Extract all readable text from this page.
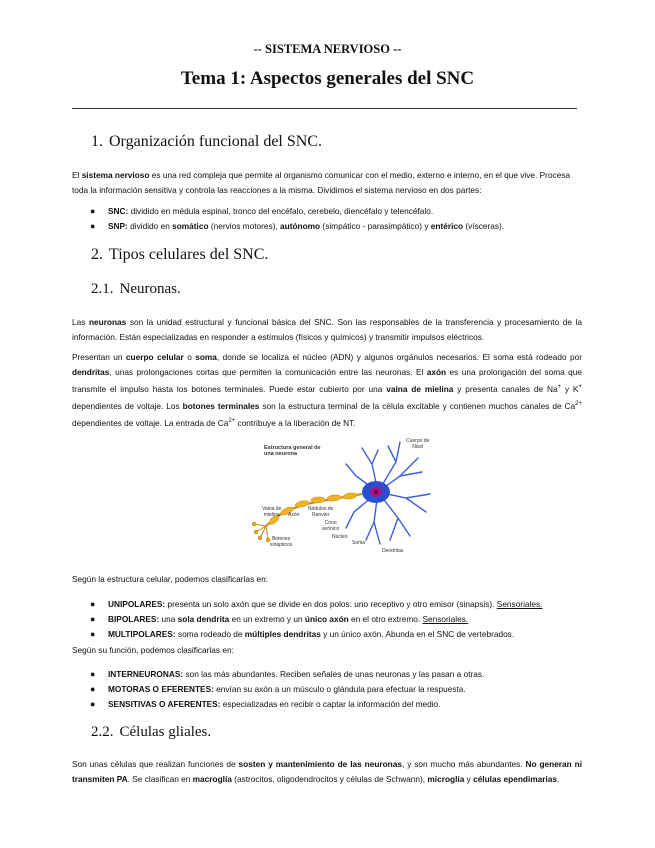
-- SISTEMA NERVIOSO --
Tema 1: Aspectos generales del SNC
1. Organización funcional del SNC.
El sistema nervioso es una red compleja que permite al organismo comunicar con el medio, externo e interno, en el que vive. Procesa toda la información sensitiva y controla las reacciones a la misma. Dividimos el sistema nervioso en dos partes:
● SNC: dividido en médula espinal, tronco del encéfalo, cerebelo, diencéfalo y telencéfalo.
● SNP: dividido en somático (nervios motores), autónomo (simpático - parasimpático) y entérico (vísceras).
2. Tipos celulares del SNC.
2.1. Neuronas.
Las neuronas son la unidad estructural y funcional básica del SNC. Son las responsables de la transferencia y procesamiento de la información. Están especializadas en responder a estímulos (físicos y químicos) y transmitir impulsos eléctricos.
Presentan un cuerpo celular o soma, donde se localiza el núcleo (ADN) y algunos orgánulos necesarios. El soma está rodeado por dendritas, unas prolongaciones cortas que permiten la comunicación entre las neuronas. El axón es una prolongación del soma que transmite el impulso hasta los botones terminales. Puede estar cubierto por una vaina de mielina y presenta canales de Na+ y K+ dependientes de voltaje. Los botones terminales son la estructura terminal de la célula excitable y contienen muchos canales de $Ca^{2+}$ dependientes de voltaje. La entrada de $Ca^{2+}$ contribuye a la liberación de NT.
Estructura general de
una neurona
Cuerpo de
Nissl
Vaina de
mielina	Axón
Nódulos de
Ranvier
Cono
axónico
Núcleo
Soma
Dendritas
Botones
sinápticos
Según la estructura celular, podemos clasificarlas en:
● UNIPOLARES: presenta un solo axón que se divide en dos polos: uno receptivo y otro emisor (sinapsis). Sensoriales.
● BIPOLARES: una sola dendrita en un extremo y un único axón en el otro extremo. Sensoriales.
● MULTIPOLARES: soma rodeado de múltiples dendritas y un único axón. Abunda en el SNC de vertebrados.
Según su función, podemos clasificarlas en:
● INTERNEURONAS: son las más abundantes. Reciben señales de unas neuronas y las pasan a otras.
● MOTORAS O EFERENTES: envían su axón a un músculo o glándula para efectuar la respuesta.
● SENSITIVAS O AFERENTES: especializadas en recibir o captar la información del medio.
2.2. Células gliales.
Son unas células que realizan funciones de sosten y mantenimiento de las neuronas, y son mucho más abundantes. No generan ni transmiten PA. Se clasifican en macroglía (astrocitos, oligodendrocitos y células de Schwann), microglía y células ependimarias.
